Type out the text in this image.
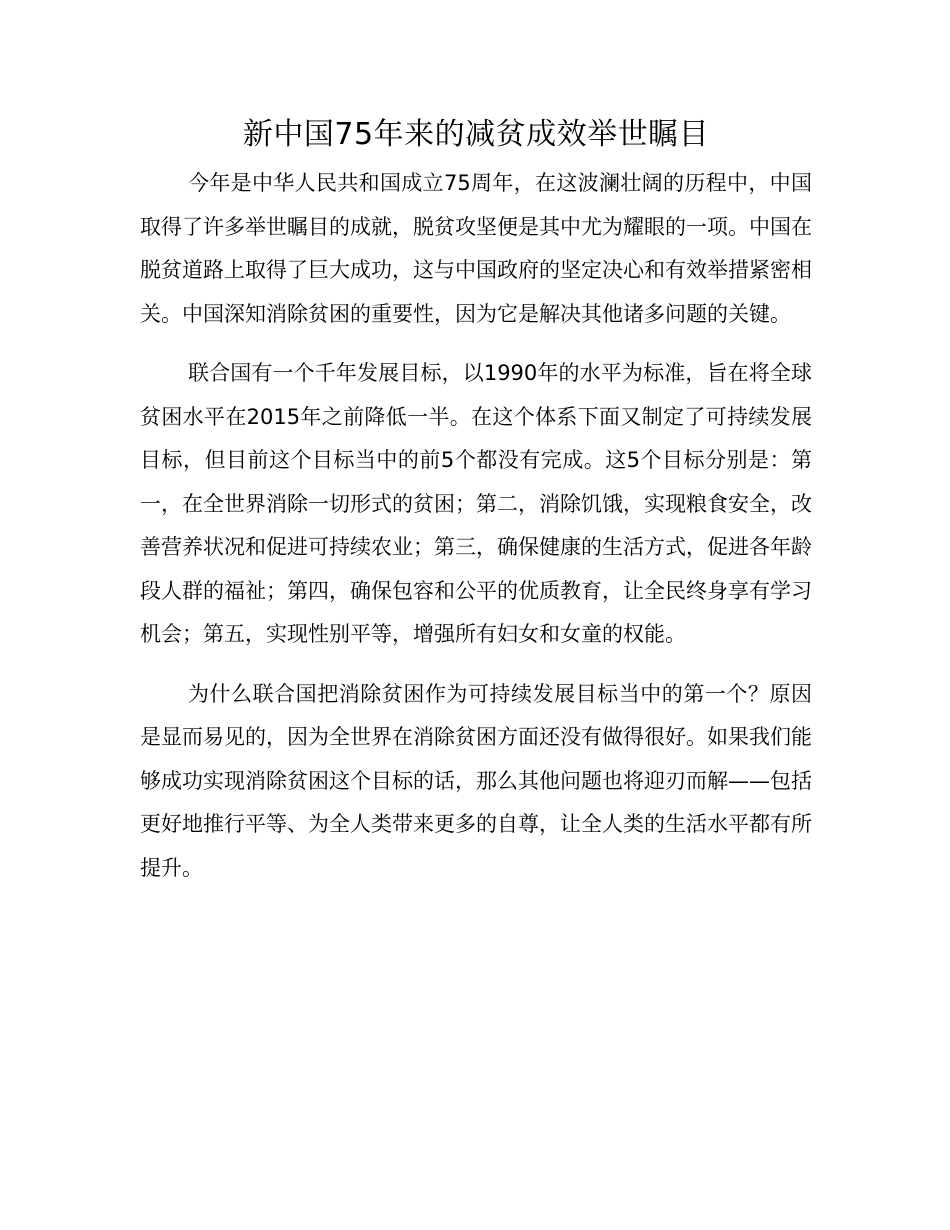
新中国75年来的减贫成效举世瞩目

今年是中华人民共和国成立75周年，在这波澜壮阔的历程中，中国取得了许多举世瞩目的成就，脱贫攻坚便是其中尤为耀眼的一项。中国在脱贫道路上取得了巨大成功，这与中国政府的坚定决心和有效举措紧密相关。中国深知消除贫困的重要性，因为它是解决其他诸多问题的关键。

联合国有一个千年发展目标，以1990年的水平为标准，旨在将全球贫困水平在2015年之前降低一半。在这个体系下面又制定了可持续发展目标，但目前这个目标当中的前5个都没有完成。这5个目标分别是：第一，在全世界消除一切形式的贫困；第二，消除饥饿，实现粮食安全，改善营养状况和促进可持续农业；第三，确保健康的生活方式，促进各年龄段人群的福祉；第四，确保包容和公平的优质教育，让全民终身享有学习机会；第五，实现性别平等，增强所有妇女和女童的权能。

为什么联合国把消除贫困作为可持续发展目标当中的第一个？原因是显而易见的，因为全世界在消除贫困方面还没有做得很好。如果我们能够成功实现消除贫困这个目标的话，那么其他问题也将迎刃而解——包括更好地推行平等、为全人类带来更多的自尊，让全人类的生活水平都有所提升。
